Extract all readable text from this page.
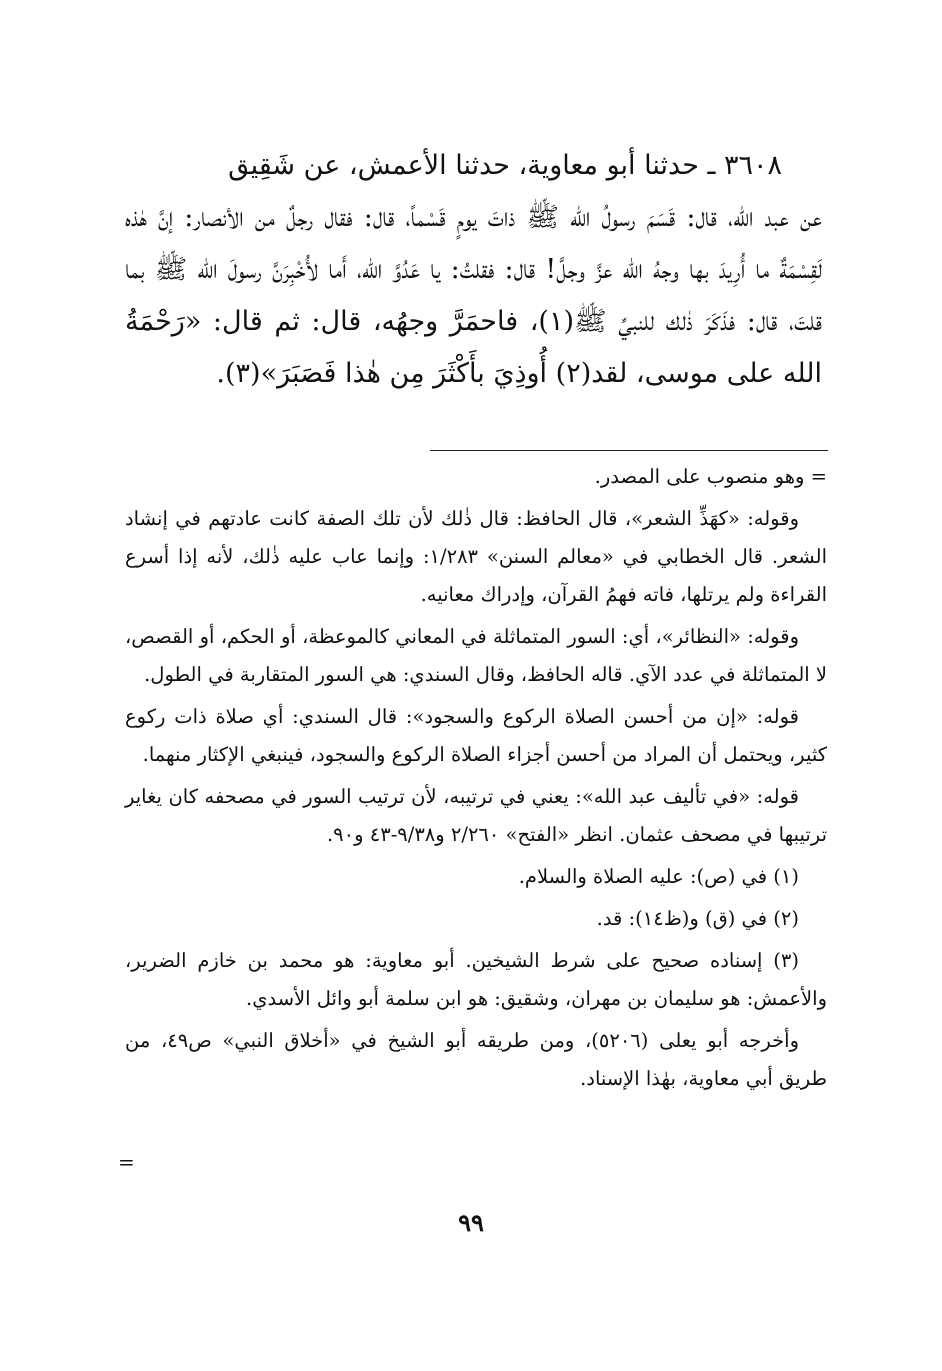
٣٦٠٨ ـ حدثنا أبو معاوية، حدثنا الأعمش، عن شَقِيق

عن عبد الله، قال: قَسَمَ رسولُ الله ﷺ ذاتَ يومٍ قَسْماً، قال: فقال رجلٌ من الأنصار: إنَّ هٰذه لَقِسْمَةٌ ما أُرِيدَ بها وجهُ الله عزَّ وجلَّ! قال: فقلتُ: يا عَدُوَّ الله، أَما لأُخْبِرَنَّ رسولَ الله ﷺ بما قلتَ، قال: فذَكَرَ ذٰلك للنبيِّ ﷺ(١)، فاحمَرَّ وجهُه، قال: ثم قال: «رَحْمَةُ الله على موسى، لقد(٢) أُوذِيَ بأَكْثَرَ مِن هٰذا فَصَبَرَ»(٣).

= وهو منصوب على المصدر.

وقوله: «كهَذِّ الشعر»، قال الحافظ: قال ذٰلك لأن تلك الصفة كانت عادتهم في إنشاد الشعر. قال الخطابي في «معالم السنن» ١/٢٨٣: وإنما عاب عليه ذٰلك، لأنه إذا أسرع القراءة ولم يرتلها، فاته فهمُ القرآن، وإدراك معانيه.

وقوله: «النظائر»، أي: السور المتماثلة في المعاني كالموعظة، أو الحكم، أو القصص، لا المتماثلة في عدد الآي. قاله الحافظ، وقال السندي: هي السور المتقاربة في الطول.

قوله: «إن من أحسن الصلاة الركوع والسجود»: قال السندي: أي صلاة ذات ركوع كثير، ويحتمل أن المراد من أحسن أجزاء الصلاة الركوع والسجود، فينبغي الإكثار منهما.

قوله: «في تأليف عبد الله»: يعني في ترتيبه، لأن ترتيب السور في مصحفه كان يغاير ترتيبها في مصحف عثمان. انظر «الفتح» ٢/٢٦٠ و٩/٣٨-٤٣ و٩٠.

(١) في (ص): عليه الصلاة والسلام.

(٢) في (ق) و(ظ١٤): قد.

(٣) إسناده صحيح على شرط الشيخين. أبو معاوية: هو محمد بن خازم الضرير، والأعمش: هو سليمان بن مهران، وشقيق: هو ابن سلمة أبو وائل الأسدي.

وأخرجه أبو يعلى (٥٢٠٦)، ومن طريقه أبو الشيخ في «أخلاق النبي» ص٤٩، من طريق أبي معاوية، بهٰذا الإسناد.

=
٩٩
